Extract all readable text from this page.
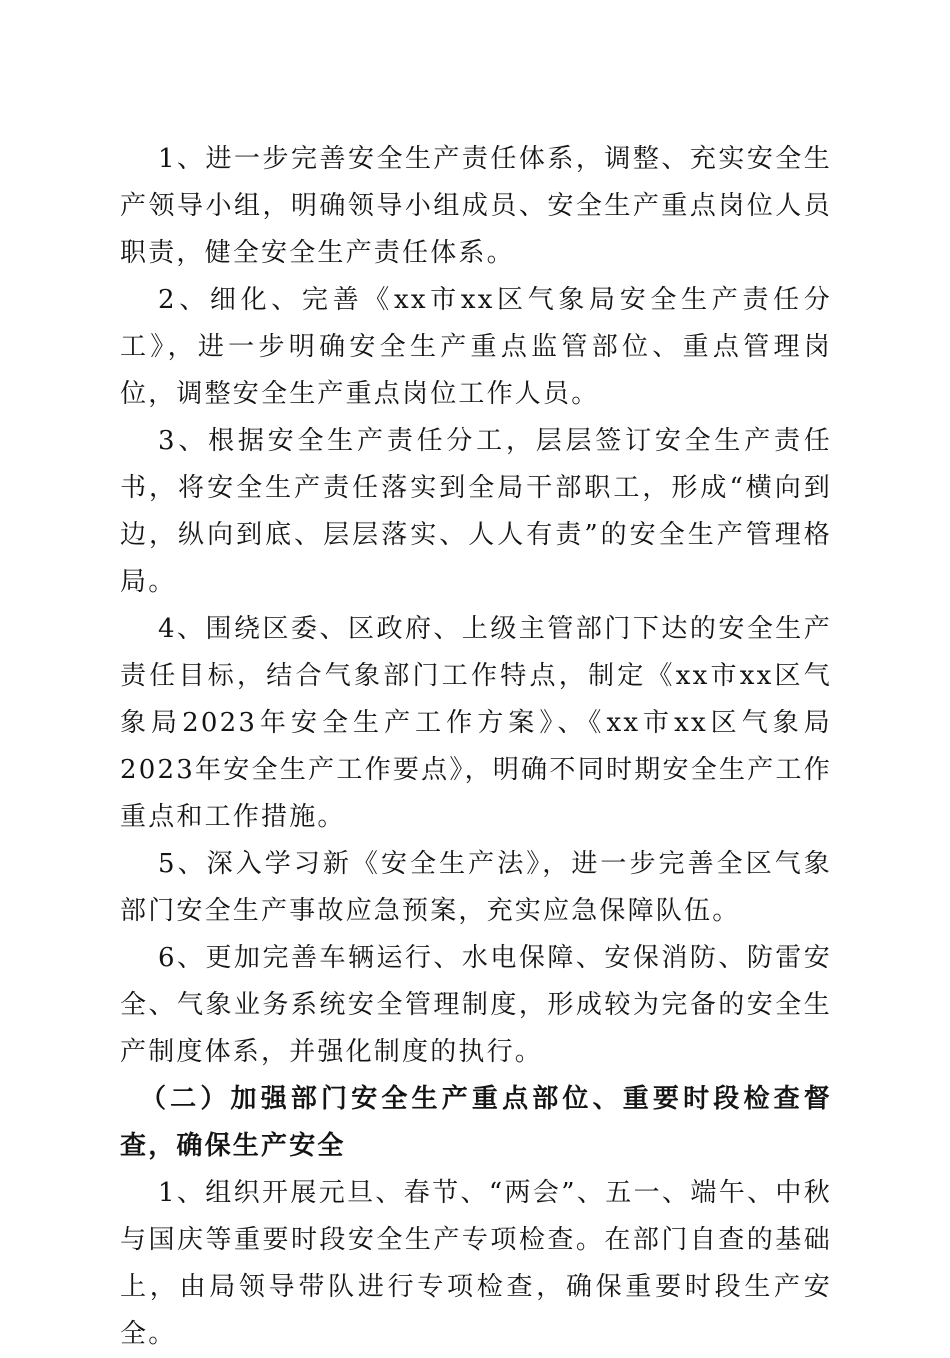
1、进一步完善安全生产责任体系，调整、充实安全生产领导小组，明确领导小组成员、安全生产重点岗位人员职责，健全安全生产责任体系。

2、细化、完善《xx市xx区气象局安全生产责任分工》，进一步明确安全生产重点监管部位、重点管理岗位，调整安全生产重点岗位工作人员。

3、根据安全生产责任分工，层层签订安全生产责任书，将安全生产责任落实到全局干部职工，形成“横向到边，纵向到底、层层落实、人人有责”的安全生产管理格局。

4、围绕区委、区政府、上级主管部门下达的安全生产责任目标，结合气象部门工作特点，制定《xx市xx区气象局2023年安全生产工作方案》、《xx市xx区气象局2023年安全生产工作要点》，明确不同时期安全生产工作重点和工作措施。

5、深入学习新《安全生产法》，进一步完善全区气象部门安全生产事故应急预案，充实应急保障队伍。

6、更加完善车辆运行、水电保障、安保消防、防雷安全、气象业务系统安全管理制度，形成较为完备的安全生产制度体系，并强化制度的执行。

（二）加强部门安全生产重点部位、重要时段检查督查，确保生产安全

1、组织开展元旦、春节、“两会”、五一、端午、中秋与国庆等重要时段安全生产专项检查。在部门自查的基础上，由局领导带队进行专项检查，确保重要时段生产安全。
